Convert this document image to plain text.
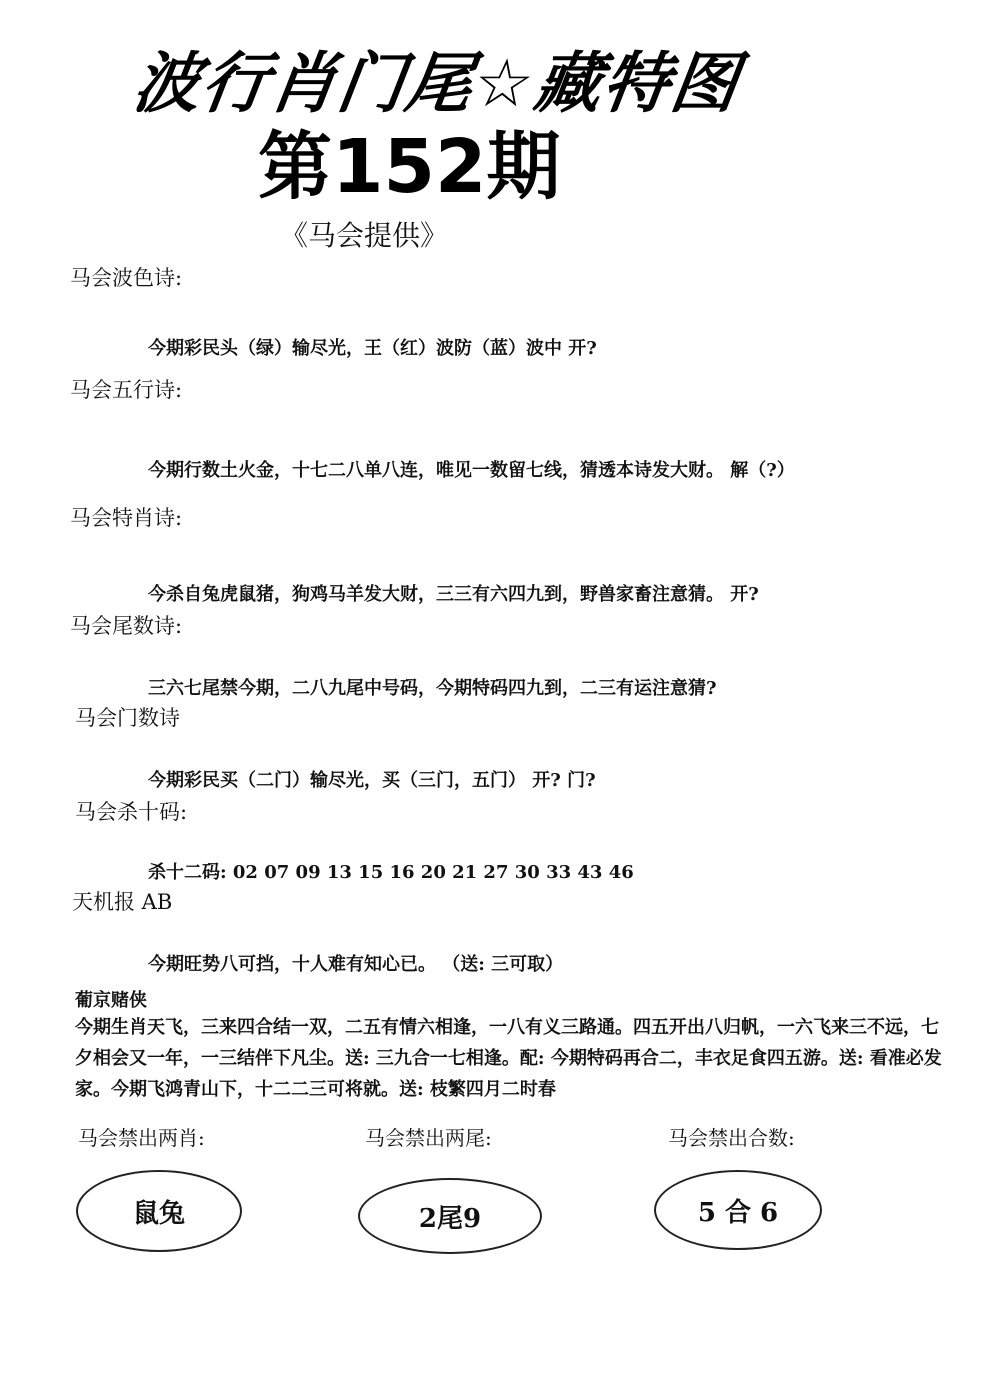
波行肖门尾☆藏特图
第152期
《马会提供》
马会波色诗:
今期彩民头（绿）输尽光，王（红）波防（蓝）波中 开?
马会五行诗:
今期行数土火金，十七二八单八连，唯见一数留七线，猜透本诗发大财。 解（?）
马会特肖诗:
今杀自兔虎鼠猪，狗鸡马羊发大财，三三有六四九到，野兽家畜注意猜。 开?
马会尾数诗:
三六七尾禁今期，二八九尾中号码，今期特码四九到，二三有运注意猜?
马会门数诗
今期彩民买（二门）输尽光，买（三门，五门） 开? 门?
马会杀十码:
杀十二码: 02 07 09 13 15 16 20 21 27 30 33 43 46
天机报 AB
今期旺势八可挡，十人难有知心已。 （送: 三可取）
葡京赌侠
今期生肖天飞，三来四合结一双，二五有情六相逢，一八有义三路通。四五开出八归帆，一六飞来三不远，七夕相会又一年，一三结伴下凡尘。送: 三九合一七相逢。配: 今期特码再合二，丰衣足食四五游。送: 看准必发家。今期飞鸿青山下，十二二三可将就。送: 枝繁四月二时春
马会禁出两肖:	马会禁出两尾:	马会禁出合数:
鼠兔	2尾9	5 合 6
